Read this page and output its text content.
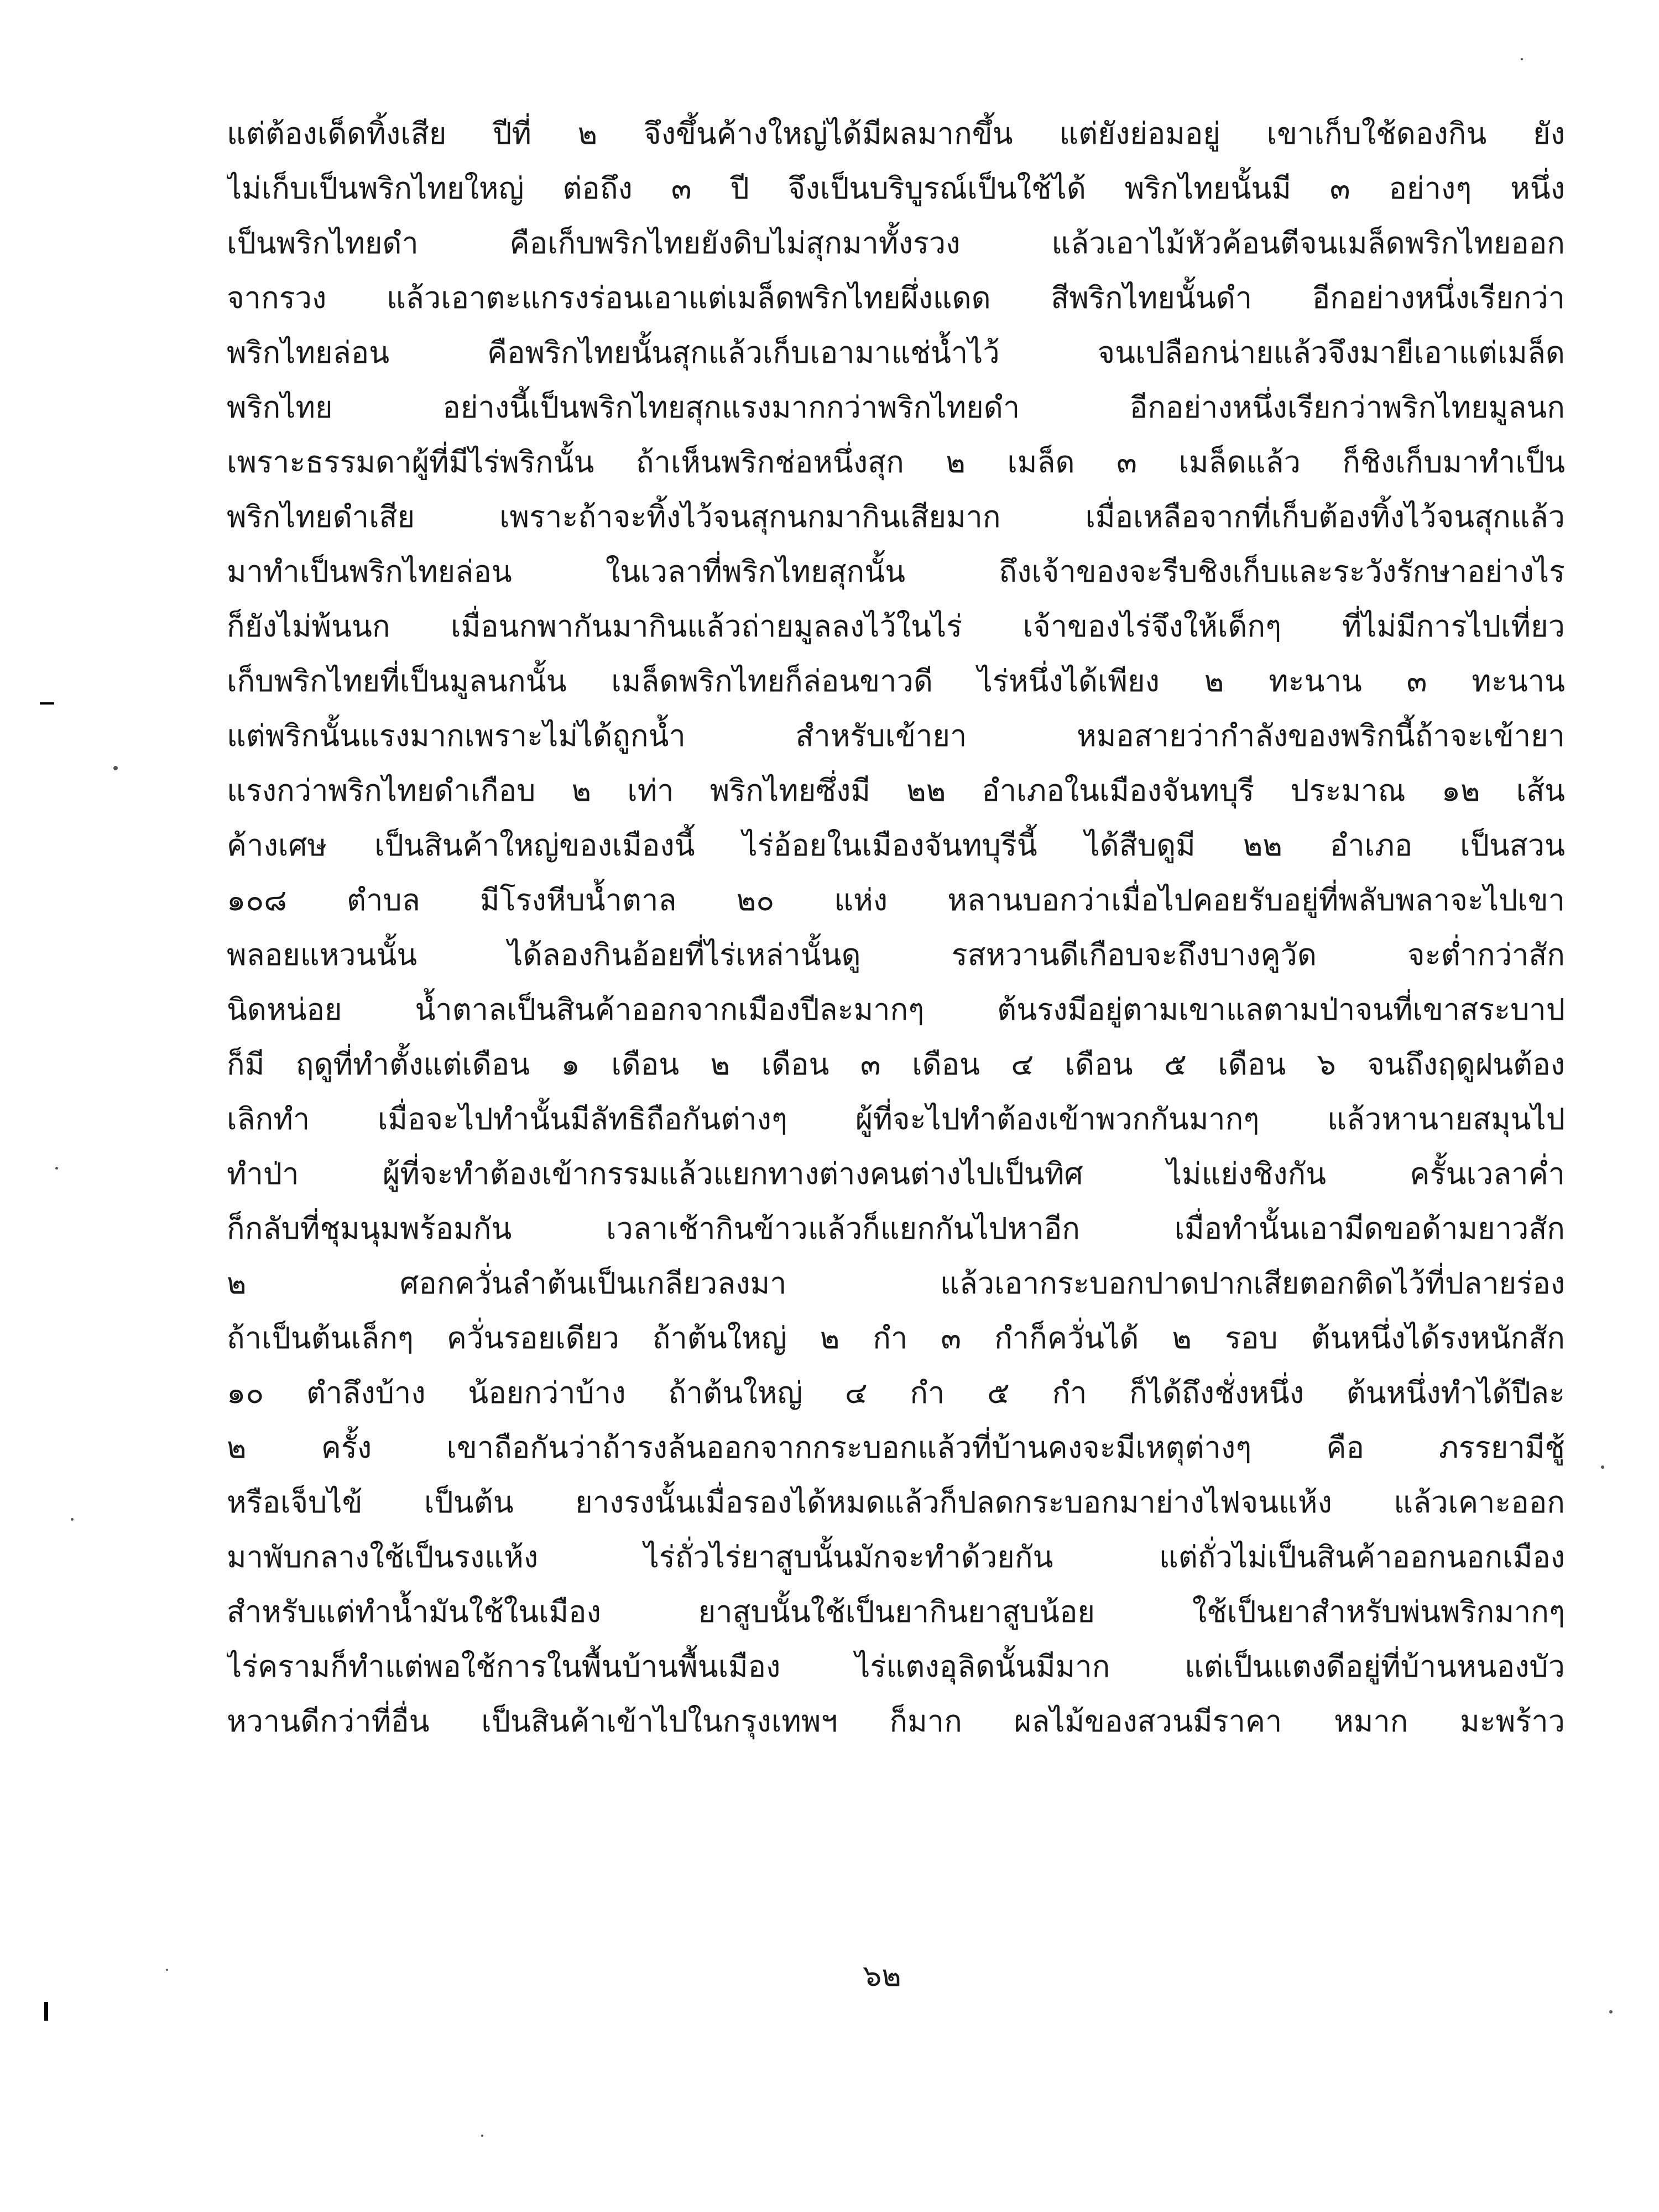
แต่ต้องเด็ดทิ้งเสีย ปีที่ ๒ จึงขึ้นค้างใหญ่ได้มีผลมากขึ้น แต่ยังย่อมอยู่ เขาเก็บใช้ดองกิน ยัง
ไม่เก็บเป็นพริกไทยใหญ่ ต่อถึง ๓ ปี จึงเป็นบริบูรณ์เป็นใช้ได้ พริกไทยนั้นมี ๓ อย่างๆ หนึ่ง
เป็นพริกไทยดำ คือเก็บพริกไทยยังดิบไม่สุกมาทั้งรวง แล้วเอาไม้หัวค้อนตีจนเมล็ดพริกไทยออก
จากรวง แล้วเอาตะแกรงร่อนเอาแต่เมล็ดพริกไทยผึ่งแดด สีพริกไทยนั้นดำ อีกอย่างหนึ่งเรียกว่า
พริกไทยล่อน คือพริกไทยนั้นสุกแล้วเก็บเอามาแช่น้ำไว้ จนเปลือกน่ายแล้วจึงมายีเอาแต่เมล็ด
พริกไทย อย่างนี้เป็นพริกไทยสุกแรงมากกว่าพริกไทยดำ อีกอย่างหนึ่งเรียกว่าพริกไทยมูลนก
เพราะธรรมดาผู้ที่มีไร่พริกนั้น ถ้าเห็นพริกช่อหนึ่งสุก ๒ เมล็ด ๓ เมล็ดแล้ว ก็ชิงเก็บมาทำเป็น
พริกไทยดำเสีย เพราะถ้าจะทิ้งไว้จนสุกนกมากินเสียมาก เมื่อเหลือจากที่เก็บต้องทิ้งไว้จนสุกแล้ว
มาทำเป็นพริกไทยล่อน ในเวลาที่พริกไทยสุกนั้น ถึงเจ้าของจะรีบชิงเก็บและระวังรักษาอย่างไร
ก็ยังไม่พ้นนก เมื่อนกพากันมากินแล้วถ่ายมูลลงไว้ในไร่ เจ้าของไร่จึงให้เด็กๆ ที่ไม่มีการไปเที่ยว
เก็บพริกไทยที่เป็นมูลนกนั้น เมล็ดพริกไทยก็ล่อนขาวดี ไร่หนึ่งได้เพียง ๒ ทะนาน ๓ ทะนาน
แต่พริกนั้นแรงมากเพราะไม่ได้ถูกน้ำ สำหรับเข้ายา หมอสายว่ากำลังของพริกนี้ถ้าจะเข้ายา
แรงกว่าพริกไทยดำเกือบ ๒ เท่า พริกไทยซึ่งมี ๒๒ อำเภอในเมืองจันทบุรี ประมาณ ๑๒ เส้น
ค้างเศษ เป็นสินค้าใหญ่ของเมืองนี้ ไร่อ้อยในเมืองจันทบุรีนี้ ได้สืบดูมี ๒๒ อำเภอ เป็นสวน
๑๐๘ ตำบล มีโรงหีบน้ำตาล ๒๐ แห่ง หลานบอกว่าเมื่อไปคอยรับอยู่ที่พลับพลาจะไปเขา
พลอยแหวนนั้น ได้ลองกินอ้อยที่ไร่เหล่านั้นดู รสหวานดีเกือบจะถึงบางคูวัด จะต่ำกว่าสัก
นิดหน่อย น้ำตาลเป็นสินค้าออกจากเมืองปีละมากๆ ต้นรงมีอยู่ตามเขาแลตามป่าจนที่เขาสระบาป
ก็มี ฤดูที่ทำตั้งแต่เดือน ๑ เดือน ๒ เดือน ๓ เดือน ๔ เดือน ๕ เดือน ๖ จนถึงฤดูฝนต้อง
เลิกทำ เมื่อจะไปทำนั้นมีลัทธิถือกันต่างๆ ผู้ที่จะไปทำต้องเข้าพวกกันมากๆ แล้วหานายสมุนไป
ทำป่า ผู้ที่จะทำต้องเข้ากรรมแล้วแยกทางต่างคนต่างไปเป็นทิศ ไม่แย่งชิงกัน ครั้นเวลาค่ำ
ก็กลับที่ชุมนุมพร้อมกัน เวลาเช้ากินข้าวแล้วก็แยกกันไปหาอีก เมื่อทำนั้นเอามีดขอด้ามยาวสัก
๒ ศอกควั่นลำต้นเป็นเกลียวลงมา แล้วเอากระบอกปาดปากเสียตอกติดไว้ที่ปลายร่อง
ถ้าเป็นต้นเล็กๆ ควั่นรอยเดียว ถ้าต้นใหญ่ ๒ กำ ๓ กำก็ควั่นได้ ๒ รอบ ต้นหนึ่งได้รงหนักสัก
๑๐ ตำลึงบ้าง น้อยกว่าบ้าง ถ้าต้นใหญ่ ๔ กำ ๕ กำ ก็ได้ถึงชั่งหนึ่ง ต้นหนึ่งทำได้ปีละ
๒ ครั้ง เขาถือกันว่าถ้ารงล้นออกจากกระบอกแล้วที่บ้านคงจะมีเหตุต่างๆ คือ ภรรยามีชู้
หรือเจ็บไข้ เป็นต้น ยางรงนั้นเมื่อรองได้หมดแล้วก็ปลดกระบอกมาย่างไฟจนแห้ง แล้วเคาะออก
มาพับกลางใช้เป็นรงแห้ง ไร่ถั่วไร่ยาสูบนั้นมักจะทำด้วยกัน แต่ถั่วไม่เป็นสินค้าออกนอกเมือง
สำหรับแต่ทำน้ำมันใช้ในเมือง ยาสูบนั้นใช้เป็นยากินยาสูบน้อย ใช้เป็นยาสำหรับพ่นพริกมากๆ
ไร่ครามก็ทำแต่พอใช้การในพื้นบ้านพื้นเมือง ไร่แตงอุลิดนั้นมีมาก แต่เป็นแตงดีอยู่ที่บ้านหนองบัว
หวานดีกว่าที่อื่น เป็นสินค้าเข้าไปในกรุงเทพฯ ก็มาก ผลไม้ของสวนมีราคา หมาก มะพร้าว
๖๒
